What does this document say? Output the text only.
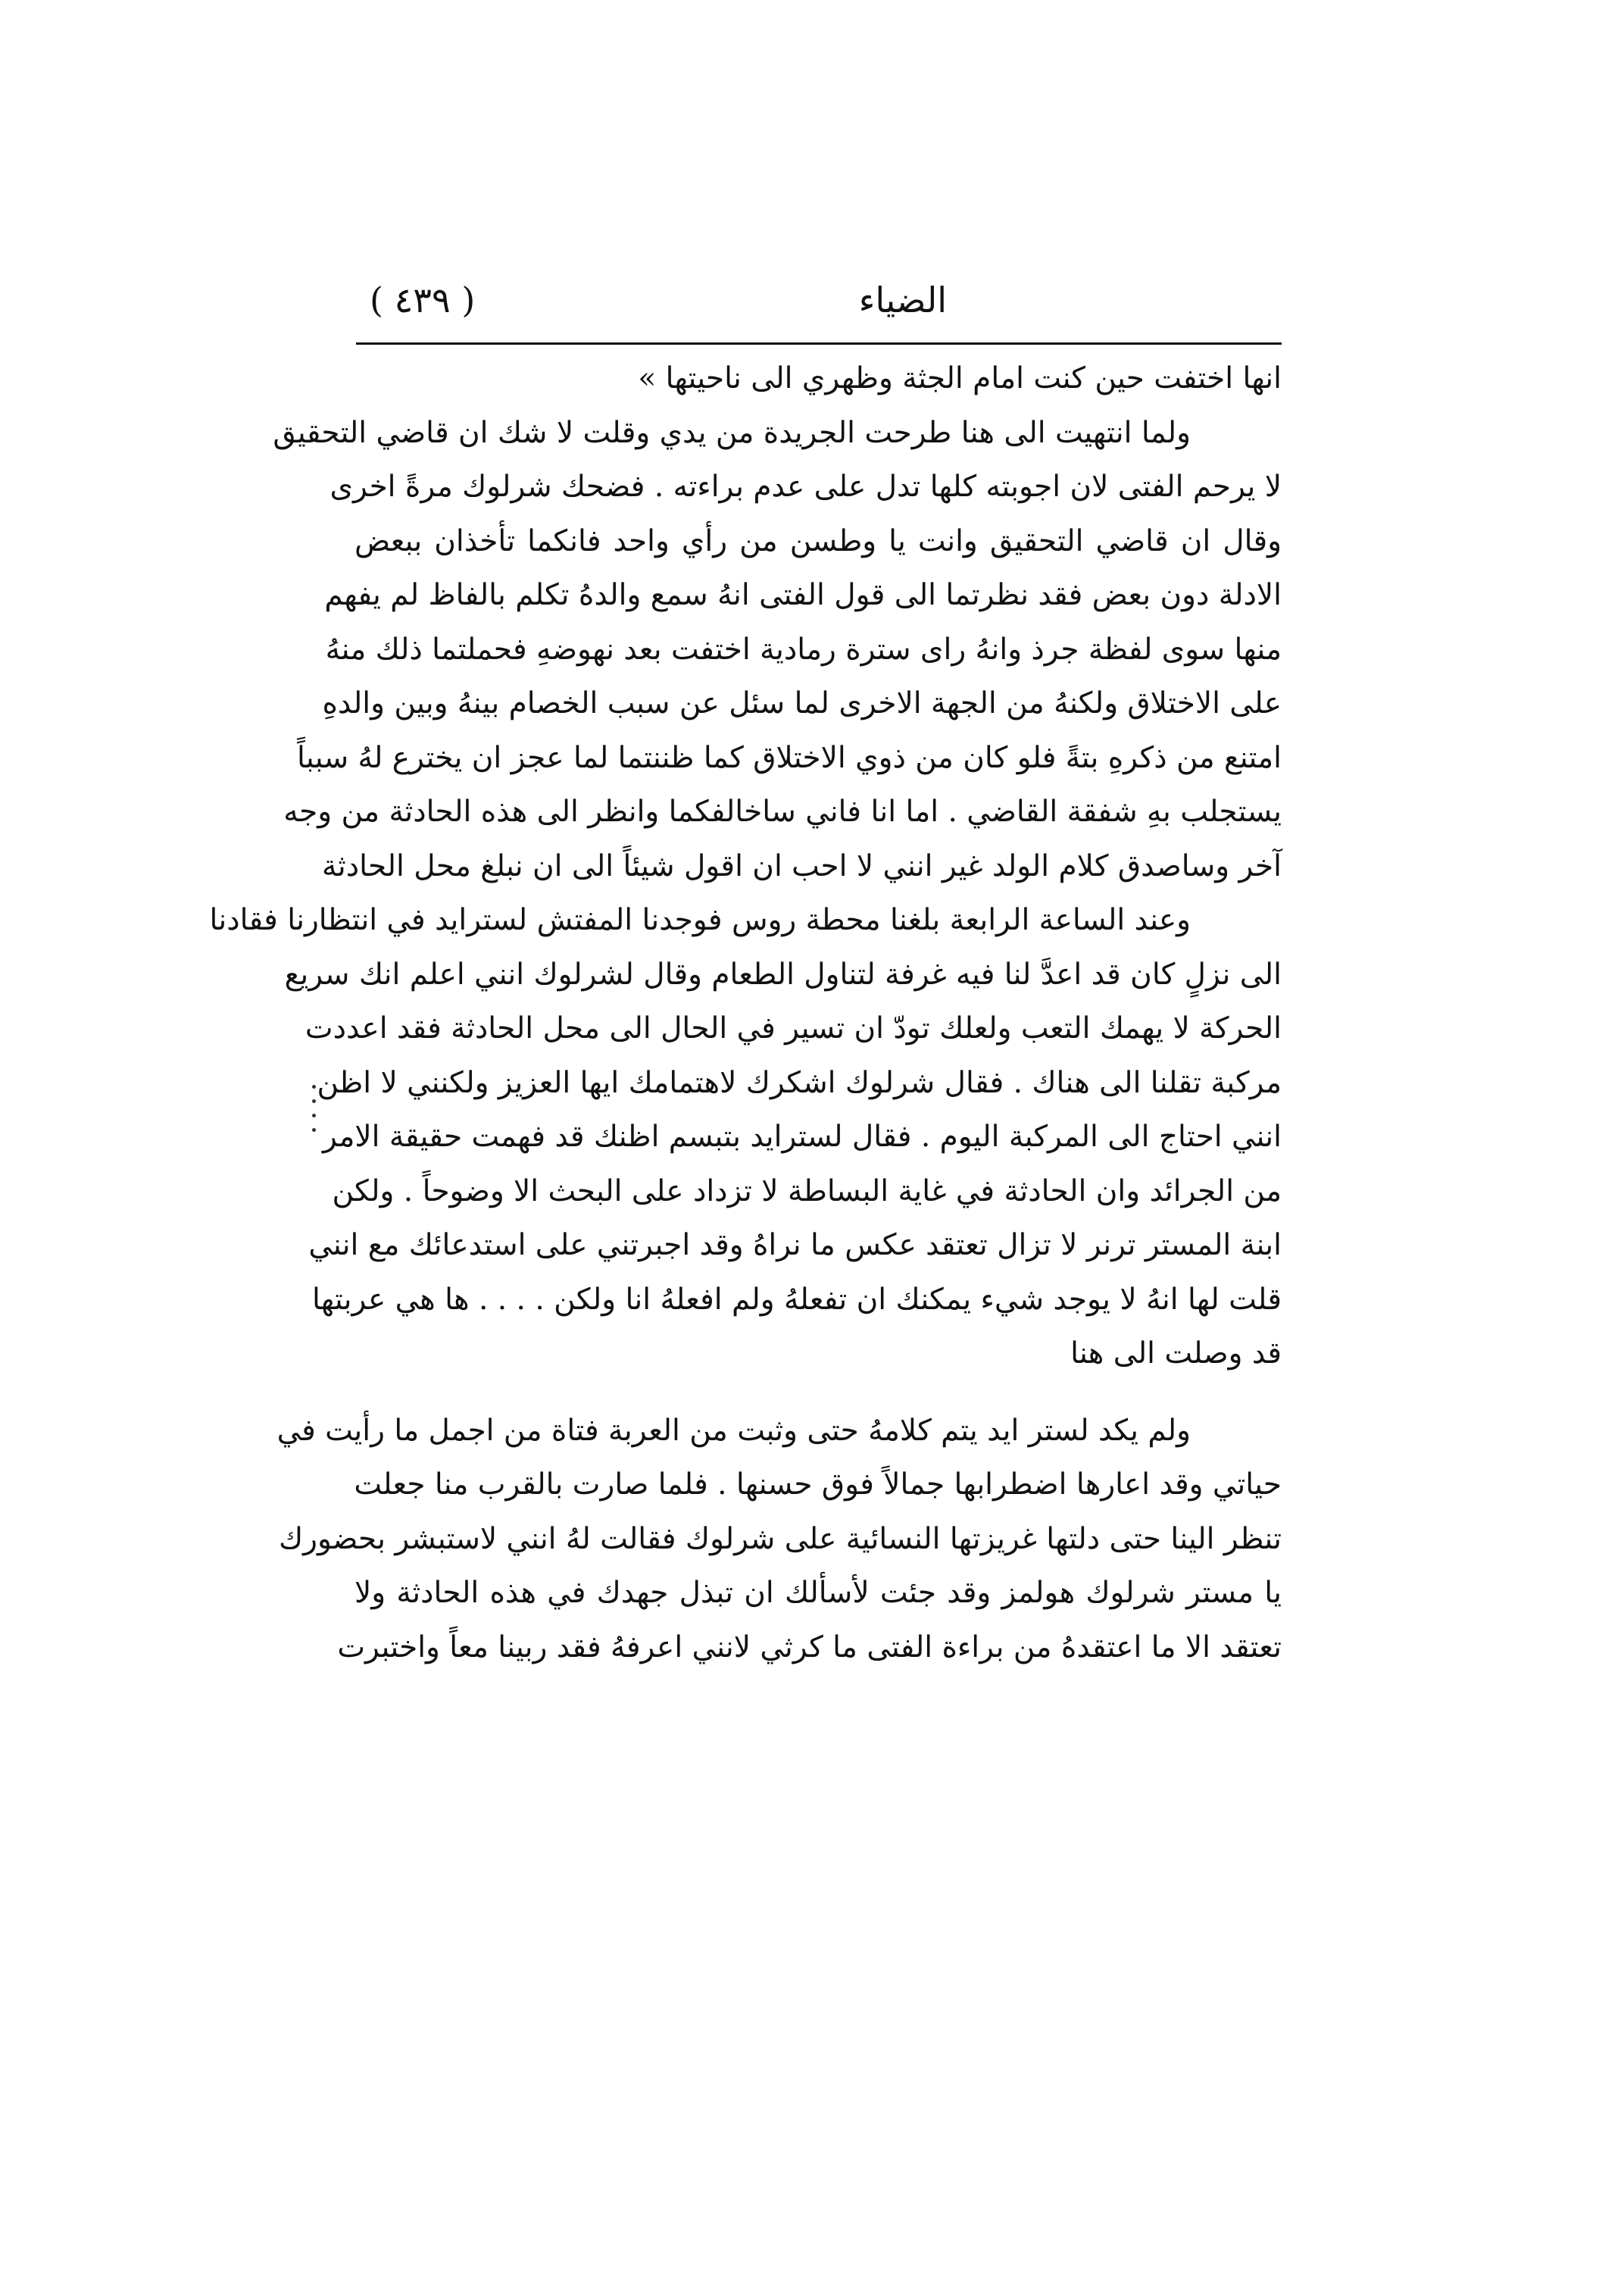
الضياء
( ٤٣٩ )
انها اختفت حين كنت امام الجثة وظهري الى ناحيتها »
ولما انتهيت الى هنا طرحت الجريدة من يدي وقلت لا شك ان قاضي التحقيق
لا يرحم الفتى لان اجوبته كلها تدل على عدم براءته . فضحك شرلوك مرةً اخرى
وقال ان قاضي التحقيق وانت يا وطسن من رأي واحد فانكما تأخذان ببعض
الادلة دون بعض فقد نظرتما الى قول الفتى انهُ سمع والدهُ تكلم بالفاظ لم يفهم
منها سوى لفظة جرذ وانهُ راى سترة رمادية اختفت بعد نهوضهِ فحملتما ذلك منهُ
على الاختلاق ولكنهُ من الجهة الاخرى لما سئل عن سبب الخصام بينهُ وبين والدهِ
امتنع من ذكرهِ بتةً فلو كان من ذوي الاختلاق كما ظننتما لما عجز ان يخترع لهُ سبباً
يستجلب بهِ شفقة القاضي . اما انا فاني ساخالفكما وانظر الى هذه الحادثة من وجه
آخر وساصدق كلام الولد غير انني لا احب ان اقول شيئاً الى ان نبلغ محل الحادثة
وعند الساعة الرابعة بلغنا محطة روس فوجدنا المفتش لسترايد في انتظارنا فقادنا
الى نزلٍ كان قد اعدَّ لنا فيه غرفة لتناول الطعام وقال لشرلوك انني اعلم انك سريع
الحركة لا يهمك التعب ولعلك تودّ ان تسير في الحال الى محل الحادثة فقد اعددت
مركبة تقلنا الى هناك . فقال شرلوك اشكرك لاهتمامك ايها العزيز ولكنني لا اظن
انني احتاج الى المركبة اليوم . فقال لسترايد بتبسم اظنك قد فهمت حقيقة الامر
من الجرائد وان الحادثة في غاية البساطة لا تزداد على البحث الا وضوحاً . ولكن
ابنة المستر ترنر لا تزال تعتقد عكس ما نراهُ وقد اجبرتني على استدعائك مع انني
قلت لها انهُ لا يوجد شيء يمكنك ان تفعلهُ ولم افعلهُ انا ولكن . . . . ها هي عربتها
قد وصلت الى هنا
ولم يكد لستر ايد يتم كلامهُ حتى وثبت من العربة فتاة من اجمل ما رأيت في
حياتي وقد اعارها اضطرابها جمالاً فوق حسنها . فلما صارت بالقرب منا جعلت
تنظر الينا حتى دلتها غريزتها النسائية على شرلوك فقالت لهُ انني لاستبشر بحضورك
يا مستر شرلوك هولمز وقد جئت لأسألك ان تبذل جهدك في هذه الحادثة ولا
تعتقد الا ما اعتقدهُ من براءة الفتى ما كرثي لانني اعرفهُ فقد ربينا معاً واختبرت
